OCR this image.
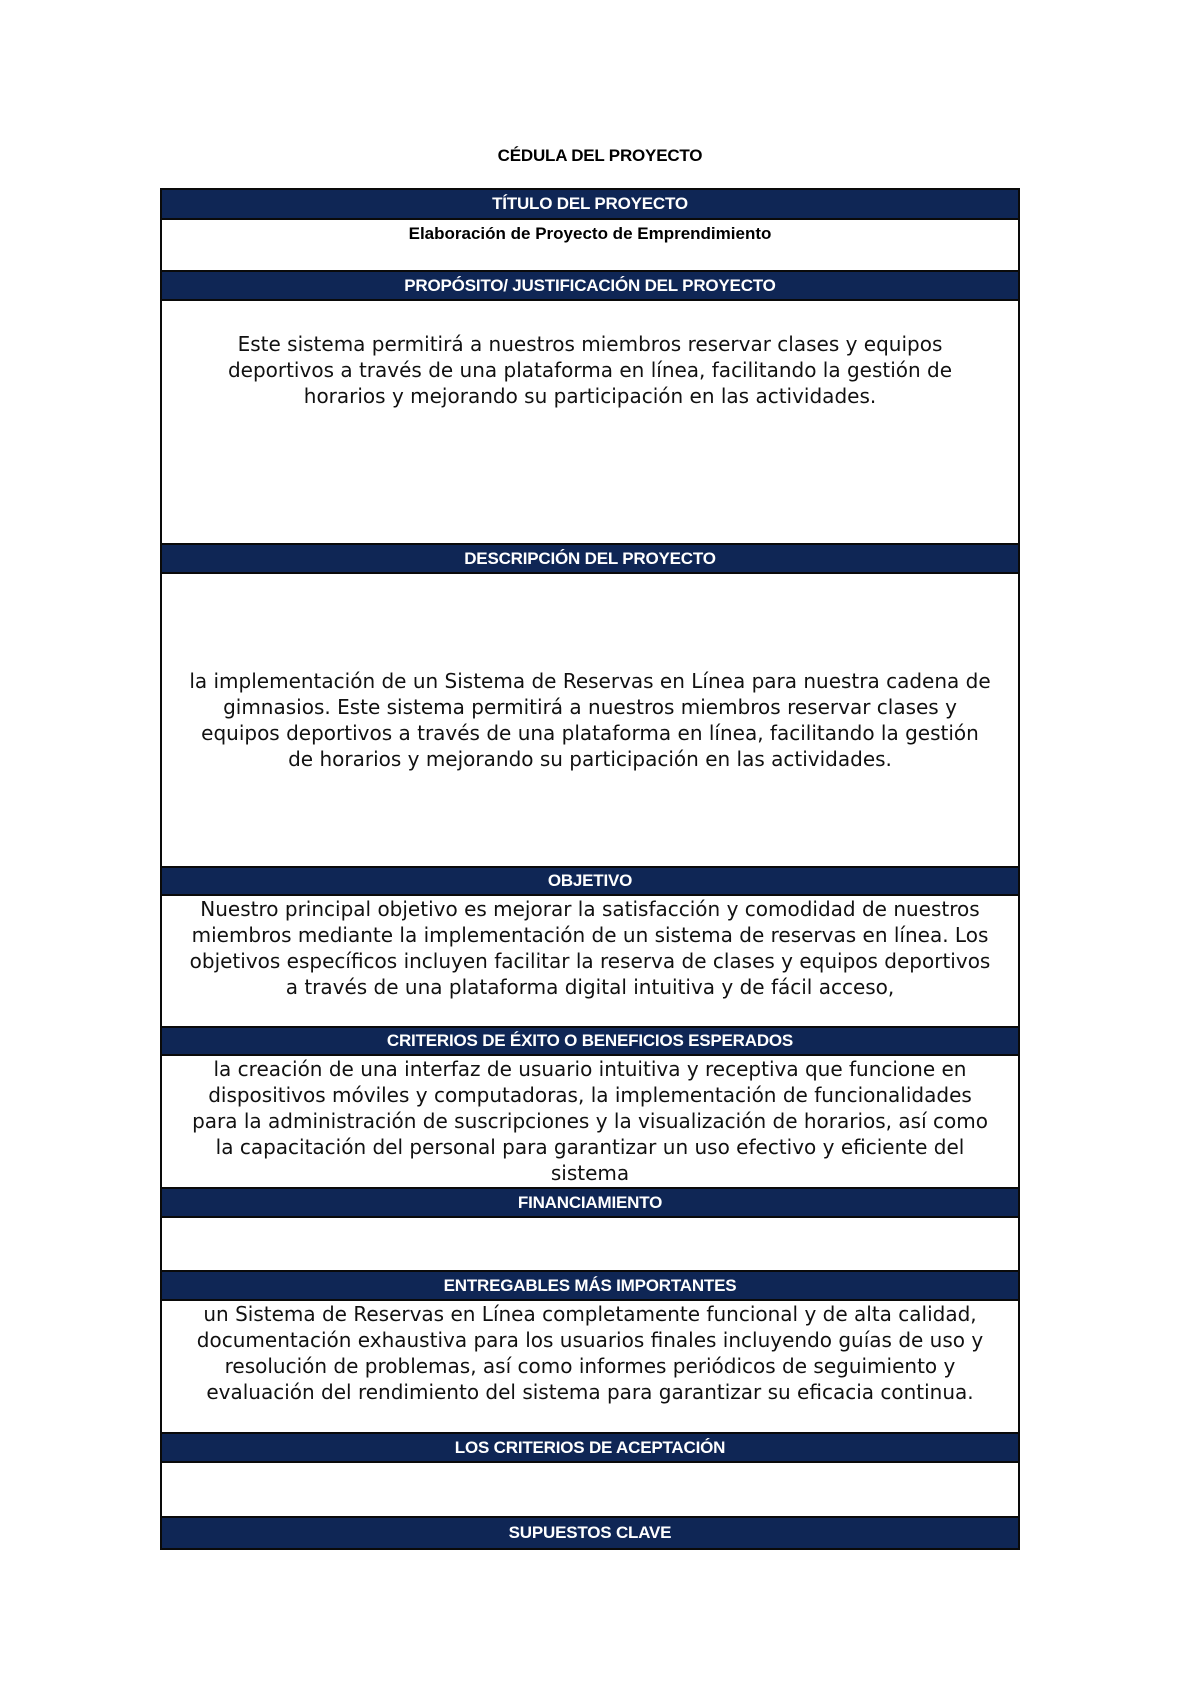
CÉDULA DEL PROYECTO
TÍTULO DEL PROYECTO
Elaboración de Proyecto de Emprendimiento
PROPÓSITO/ JUSTIFICACIÓN DEL PROYECTO
Este sistema permitirá a nuestros miembros reservar clases y equipos deportivos a través de una plataforma en línea, facilitando la gestión de horarios y mejorando su participación en las actividades.
DESCRIPCIÓN DEL PROYECTO
la implementación de un Sistema de Reservas en Línea para nuestra cadena de gimnasios. Este sistema permitirá a nuestros miembros reservar clases y equipos deportivos a través de una plataforma en línea, facilitando la gestión de horarios y mejorando su participación en las actividades.
OBJETIVO
Nuestro principal objetivo es mejorar la satisfacción y comodidad de nuestros miembros mediante la implementación de un sistema de reservas en línea. Los objetivos específicos incluyen facilitar la reserva de clases y equipos deportivos a través de una plataforma digital intuitiva y de fácil acceso,
CRITERIOS DE ÉXITO O BENEFICIOS ESPERADOS
la creación de una interfaz de usuario intuitiva y receptiva que funcione en dispositivos móviles y computadoras, la implementación de funcionalidades para la administración de suscripciones y la visualización de horarios, así como la capacitación del personal para garantizar un uso efectivo y eficiente del sistema
FINANCIAMIENTO
ENTREGABLES MÁS IMPORTANTES
un Sistema de Reservas en Línea completamente funcional y de alta calidad, documentación exhaustiva para los usuarios finales incluyendo guías de uso y resolución de problemas, así como informes periódicos de seguimiento y evaluación del rendimiento del sistema para garantizar su eficacia continua.
LOS CRITERIOS DE ACEPTACIÓN
SUPUESTOS CLAVE
